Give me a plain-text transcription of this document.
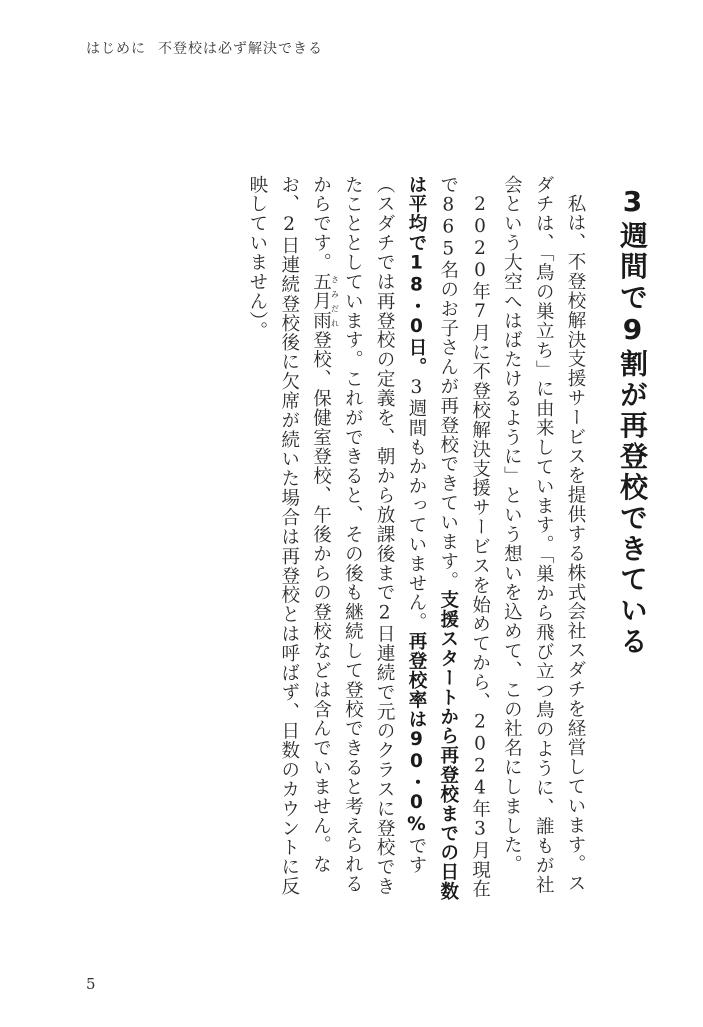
はじめに 不登校は必ず解決できる
3週間で9割が再登校できている

私は、不登校解決支援サービスを提供する株式会社スダチを経営しています。スダチは、「鳥の巣立ち」に由来しています。「巣から飛び立つ鳥のように、誰もが社会という大空へはばたけるように」という想いを込めて、この社名にしました。

2020年7月に不登校解決支援サービスを始めてから、2024年3月現在で865名のお子さんが再登校できています。支援スタートから再登校までの日数は平均で18・0日。3週間もかかっていません。再登校率は90・0%です（スダチでは再登校の定義を、朝から放課後まで2日連続で元のクラスに登校できたこととしています。これができると、その後も継続して登校できると考えられるからです。五月雨 さみだれ登校、保健室登校、午後からの登校などは含んでいません。なお、2日連続登校後に欠席が続いた場合は再登校とは呼ばず、日数のカウントに反映していません）。

5
